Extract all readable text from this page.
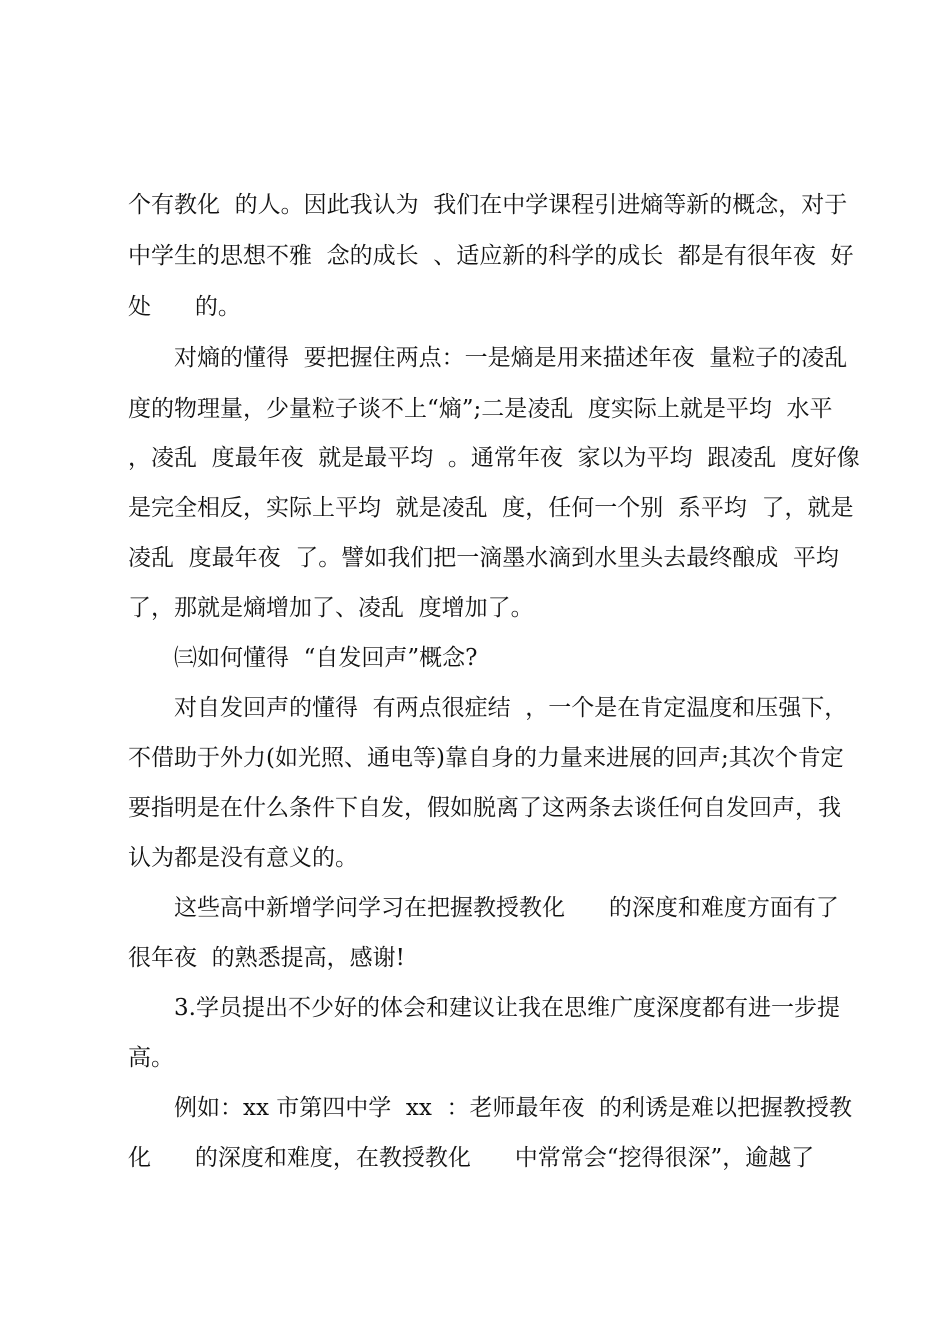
个有教化  的人。因此我认为  我们在中学课程引进熵等新的概念，对于
中学生的思想不雅  念的成长  、适应新的科学的成长  都是有很年夜  好
处      的。
对熵的懂得  要把握住两点：一是熵是用来描述年夜  量粒子的凌乱
度的物理量，少量粒子谈不上“熵”;二是凌乱  度实际上就是平均  水平
，凌乱  度最年夜  就是最平均  。通常年夜  家以为平均  跟凌乱  度好像
是完全相反，实际上平均  就是凌乱  度，任何一个别  系平均  了，就是
凌乱  度最年夜  了。譬如我们把一滴墨水滴到水里头去最终酿成  平均
了，那就是熵增加了、凌乱  度增加了。
㈢如何懂得  “自发回声”概念?
对自发回声的懂得  有两点很症结  ，一个是在肯定温度和压强下，
不借助于外力(如光照、通电等)靠自身的力量来进展的回声;其次个肯定
要指明是在什么条件下自发，假如脱离了这两条去谈任何自发回声，我
认为都是没有意义的。
这些高中新增学问学习在把握教授教化      的深度和难度方面有了
很年夜  的熟悉提高，感谢!
3.学员提出不少好的体会和建议让我在思维广度深度都有进一步提
高。
例如：xx 市第四中学  xx  ：老师最年夜  的利诱是难以把握教授教
化      的深度和难度，在教授教化      中常常会“挖得很深”，逾越了
